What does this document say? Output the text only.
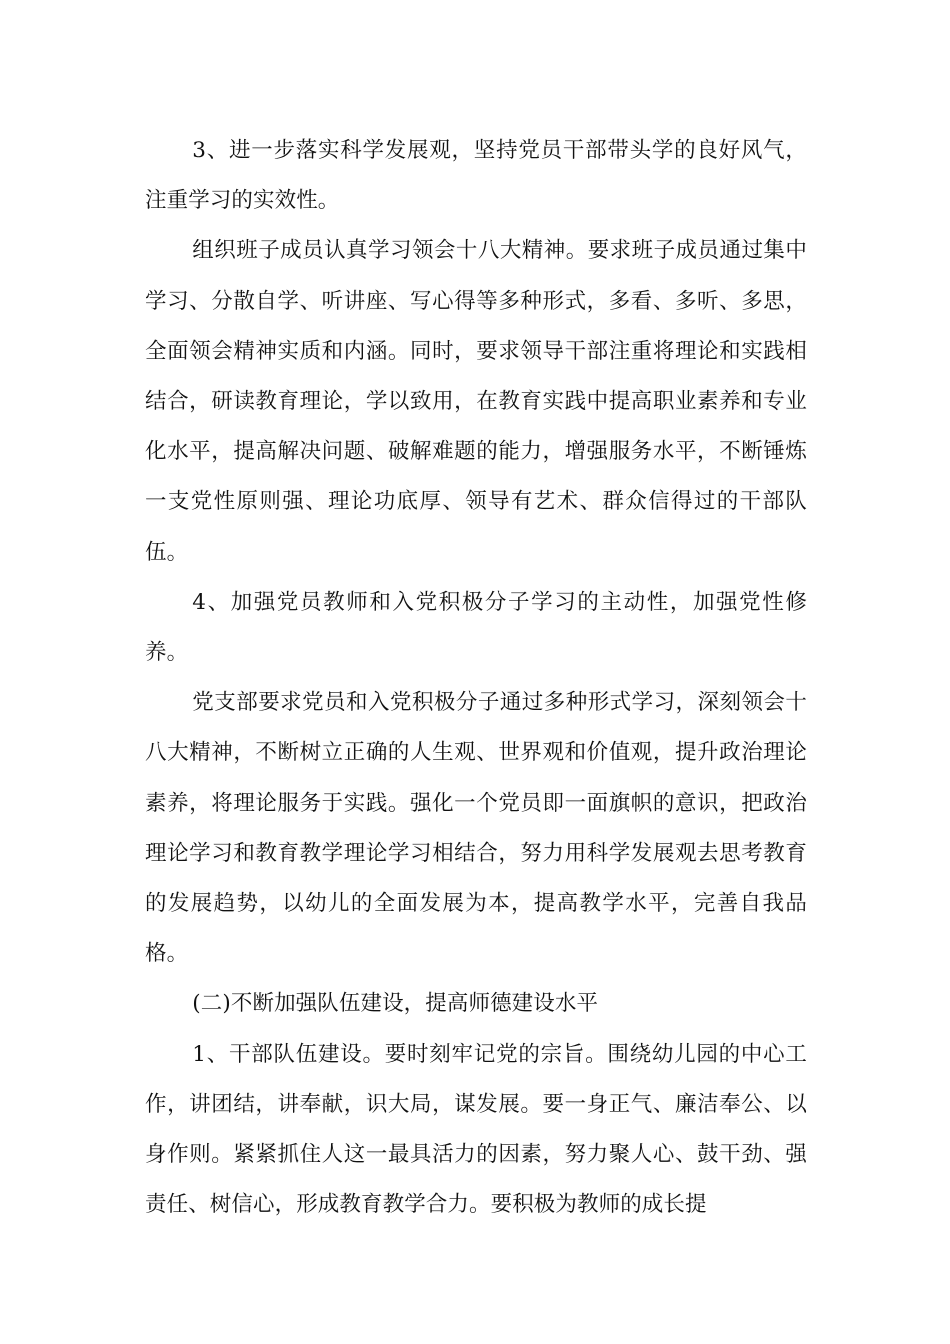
3、进一步落实科学发展观，坚持党员干部带头学的良好风气，注重学习的实效性。

组织班子成员认真学习领会十八大精神。要求班子成员通过集中学习、分散自学、听讲座、写心得等多种形式，多看、多听、多思，全面领会精神实质和内涵。同时，要求领导干部注重将理论和实践相结合，研读教育理论，学以致用，在教育实践中提高职业素养和专业化水平，提高解决问题、破解难题的能力，增强服务水平，不断锤炼一支党性原则强、理论功底厚、领导有艺术、群众信得过的干部队伍。

4、加强党员教师和入党积极分子学习的主动性，加强党性修养。

党支部要求党员和入党积极分子通过多种形式学习，深刻领会十八大精神，不断树立正确的人生观、世界观和价值观，提升政治理论素养，将理论服务于实践。强化一个党员即一面旗帜的意识，把政治理论学习和教育教学理论学习相结合，努力用科学发展观去思考教育的发展趋势，以幼儿的全面发展为本，提高教学水平，完善自我品格。

(二)不断加强队伍建设，提高师德建设水平

1、干部队伍建设。要时刻牢记党的宗旨。围绕幼儿园的中心工作，讲团结，讲奉献，识大局，谋发展。要一身正气、廉洁奉公、以身作则。紧紧抓住人这一最具活力的因素，努力聚人心、鼓干劲、强责任、树信心，形成教育教学合力。要积极为教师的成长提
